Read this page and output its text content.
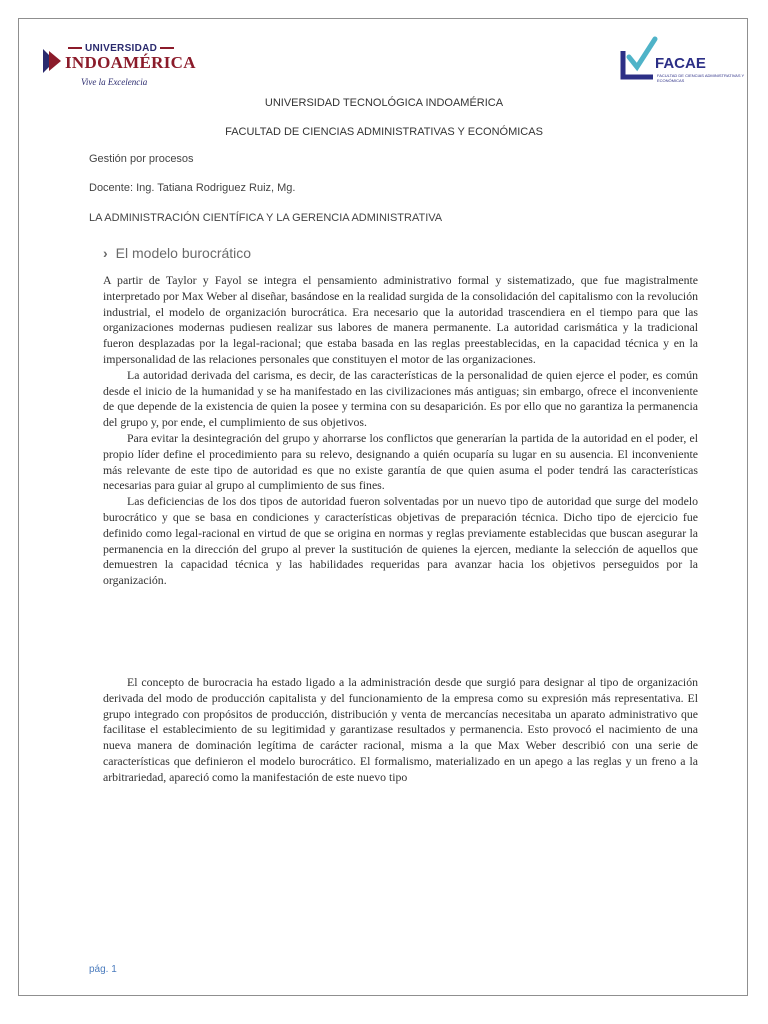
UNIVERSIDAD
INDOAMÉRICA
Vive la Excelencia
FACAE
FACULTAD DE CIENCIAS ADMINISTRATIVAS Y ECONÓMICAS
UNIVERSIDAD TECNOLÓGICA INDOAMÉRICA
FACULTAD DE CIENCIAS ADMINISTRATIVAS Y ECONÓMICAS
Gestión por procesos
Docente: Ing. Tatiana Rodriguez Ruiz, Mg.
LA ADMINISTRACIÓN CIENTÍFICA Y LA GERENCIA ADMINISTRATIVA
› El modelo burocrático

A partir de Taylor y Fayol se integra el pensamiento administrativo formal y sistematizado, que fue magistralmente interpretado por Max Weber al diseñar, basándose en la realidad surgida de la consolidación del capitalismo con la revolución industrial, el modelo de organización burocrática. Era necesario que la autoridad trascendiera en el tiempo para que las organizaciones modernas pudiesen realizar sus labores de manera permanente. La autoridad carismática y la tradicional fueron desplazadas por la legal-racional; que estaba basada en las reglas preestablecidas, en la capacidad técnica y en la impersonalidad de las relaciones personales que constituyen el motor de las organizaciones.

La autoridad derivada del carisma, es decir, de las características de la personalidad de quien ejerce el poder, es común desde el inicio de la humanidad y se ha manifestado en las civilizaciones más antiguas; sin embargo, ofrece el inconveniente de que depende de la existencia de quien la posee y termina con su desaparición. Es por ello que no garantiza la permanencia del grupo y, por ende, el cumplimiento de sus objetivos.

Para evitar la desintegración del grupo y ahorrarse los conflictos que generarían la partida de la autoridad en el poder, el propio líder define el procedimiento para su relevo, designando a quién ocuparía su lugar en su ausencia. El inconveniente más relevante de este tipo de autoridad es que no existe garantía de que quien asuma el poder tendrá las características necesarias para guiar al grupo al cumplimiento de sus fines.

Las deficiencias de los dos tipos de autoridad fueron solventadas por un nuevo tipo de autoridad que surge del modelo burocrático y que se basa en condiciones y características objetivas de preparación técnica. Dicho tipo de ejercicio fue definido como legal-racional en virtud de que se origina en normas y reglas previamente establecidas que buscan asegurar la permanencia en la dirección del grupo al prever la sustitución de quienes la ejercen, mediante la selección de aquellos que demuestren la capacidad técnica y las habilidades requeridas para avanzar hacia los objetivos perseguidos por la organización.

El concepto de burocracia ha estado ligado a la administración desde que surgió para designar al tipo de organización derivada del modo de producción capitalista y del funcionamiento de la empresa como su expresión más representativa. El grupo integrado con propósitos de producción, distribución y venta de mercancías necesitaba un aparato administrativo que facilitase el establecimiento de su legitimidad y garantizase resultados y permanencia. Esto provocó el nacimiento de una nueva manera de dominación legítima de carácter racional, misma a la que Max Weber describió con una serie de características que definieron el modelo burocrático. El formalismo, materializado en un apego a las reglas y un freno a la arbitrariedad, apareció como la manifestación de este nuevo tipo

pág. 1
